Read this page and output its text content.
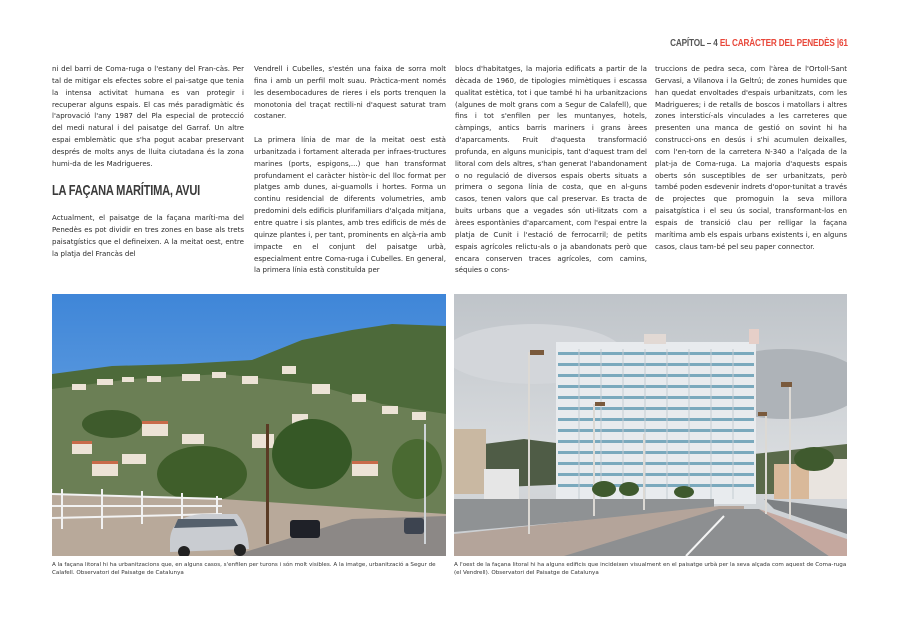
CAPÍTOL – 4 EL CARÀCTER DEL PENEDÈS |61

ni del barri de Coma-ruga o l'estany del Fran-càs. Per tal de mitigar els efectes sobre el pai-satge que tenia la intensa activitat humana es van protegir i recuperar alguns espais. El cas més paradigmàtic és l'aprovació l'any 1987 del Pla especial de protecció del medi natural i del paisatge del Garraf. Un altre espai emblemàtic que s'ha pogut acabar preservant després de molts anys de lluita ciutadana és la zona humi-da de les Madrigueres.

LA FAÇANA MARÍTIMA, AVUI

Actualment, el paisatge de la façana maríti-ma del Penedès es pot dividir en tres zones en base als trets paisatgístics que el defineixen. A la meitat oest, entre la platja del Francàs del

Vendrell i Cubelles, s'estén una faixa de sorra molt fina i amb un perfil molt suau. Pràctica-ment només les desembocadures de rieres i els ports trenquen la monotonia del traçat rectili-ni d'aquest saturat tram costaner.

La primera línia de mar de la meitat oest està urbanitzada i fortament alterada per infraes-tructures marines (ports, espigons,...) que han transformat profundament el caràcter històr-ic del lloc format per platges amb dunes, ai-guamolls i hortes. Forma un continu residencial de diferents volumetries, amb predomini dels edificis plurifamiliars d'alçada mitjana, entre quatre i sis plantes, amb tres edificis de més de quinze plantes i, per tant, prominents en alçà-ria amb impacte en el conjunt del paisatge urbà, especialment entre Coma-ruga i Cubelles. En general, la primera línia està constituïda per

blocs d'habitatges, la majoria edificats a partir de la dècada de 1960, de tipologies mimètiques i escassa qualitat estètica, tot i que també hi ha urbanitzacions (algunes de molt grans com a Segur de Calafell), que fins i tot s'enfilen per les muntanyes, hotels, càmpings, antics barris mariners i grans àrees d'aparcaments. Fruit d'aquesta transformació profunda, en alguns municipis, tant d'aquest tram del litoral com dels altres, s'han generat l'abandonament o no regulació de diversos espais oberts situats a primera o segona línia de costa, que en al-guns casos, tenen valors que cal preservar. Es tracta de buits urbans que a vegades són uti-litzats com a àrees espontànies d'aparcament, com l'espai entre la platja de Cunit i l'estació de ferrocarril; de petits espais agrícoles relictu-als o ja abandonats però que encara conserven traces agrícoles, com camins, séquies o cons-

truccions de pedra seca, com l'àrea de l'Ortoll-Sant Gervasi, a Vilanova i la Geltrú; de zones humides que han quedat envoltades d'espais urbanitzats, com les Madrigueres; i de retalls de boscos i matollars i altres zones intersticí-als vinculades a les carreteres que presenten una manca de gestió on sovint hi ha construcci-ons en desús i s'hi acumulen deixalles, com l'en-torn de la carretera N-340 a l'alçada de la plat-ja de Coma-ruga. La majoria d'aquests espais oberts són susceptibles de ser urbanitzats, però també poden esdevenir indrets d'opor-tunitat a través de projectes que promoguin la seva millora paisatgística i el seu ús social, transformant-los en espais de transició clau per relligar la façana marítima amb els espais urbans existents i, en alguns casos, claus tam-bé pel seu paper connector.

A la façana litoral hi ha urbanitzacions que, en alguns casos, s'enfilen per turons i són molt visibles. A la imatge, urbanització a Segur de Calafell. Observatori del Paisatge de Catalunya
A l'oest de la façana litoral hi ha alguns edificis que incideixen visualment en el paisatge urbà per la seva alçada com aquest de Coma-ruga (el Vendrell). Observatori del Paisatge de Catalunya
